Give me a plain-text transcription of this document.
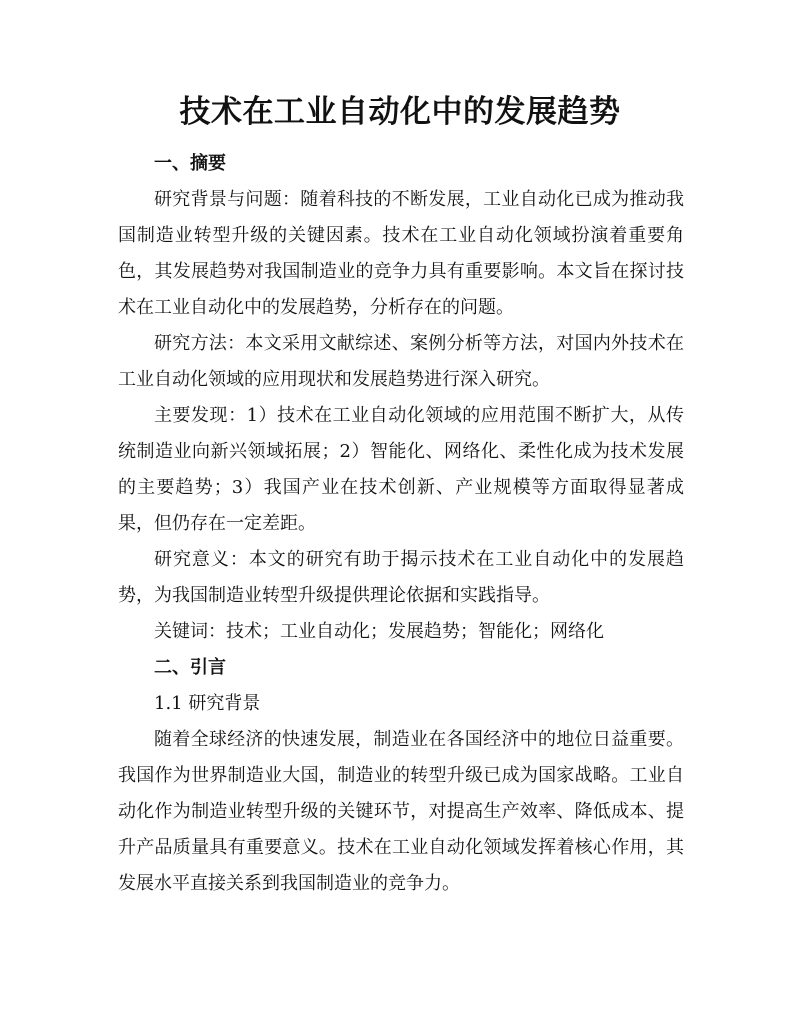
技术在工业自动化中的发展趋势

一、摘要

研究背景与问题：随着科技的不断发展，工业自动化已成为推动我国制造业转型升级的关键因素。技术在工业自动化领域扮演着重要角色，其发展趋势对我国制造业的竞争力具有重要影响。本文旨在探讨技术在工业自动化中的发展趋势，分析存在的问题。

研究方法：本文采用文献综述、案例分析等方法，对国内外技术在工业自动化领域的应用现状和发展趋势进行深入研究。

主要发现：1）技术在工业自动化领域的应用范围不断扩大，从传统制造业向新兴领域拓展；2）智能化、网络化、柔性化成为技术发展的主要趋势；3）我国产业在技术创新、产业规模等方面取得显著成果，但仍存在一定差距。

研究意义：本文的研究有助于揭示技术在工业自动化中的发展趋势，为我国制造业转型升级提供理论依据和实践指导。

关键词：技术；工业自动化；发展趋势；智能化；网络化

二、引言

1.1 研究背景

随着全球经济的快速发展，制造业在各国经济中的地位日益重要。我国作为世界制造业大国，制造业的转型升级已成为国家战略。工业自动化作为制造业转型升级的关键环节，对提高生产效率、降低成本、提升产品质量具有重要意义。技术在工业自动化领域发挥着核心作用，其发展水平直接关系到我国制造业的竞争力。
